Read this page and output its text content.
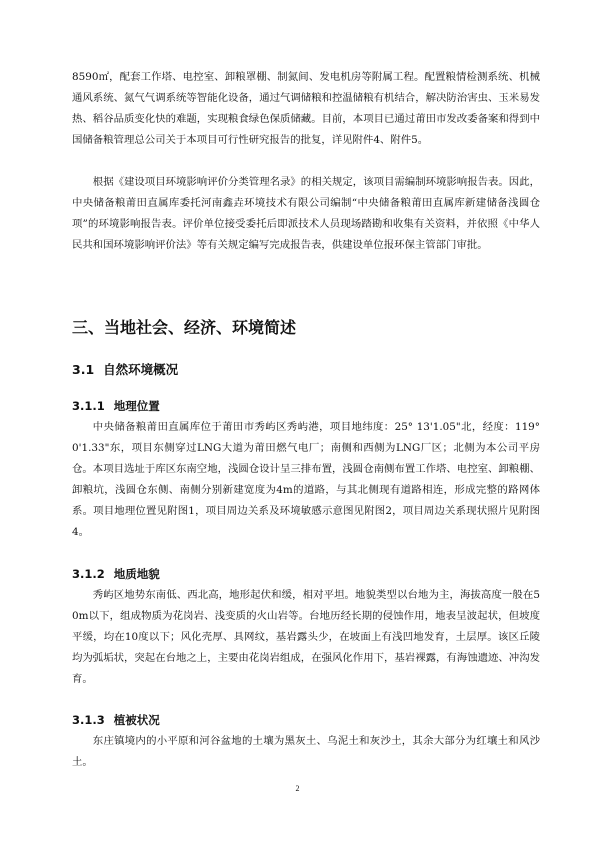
8590㎡，配套工作塔、电控室、卸粮罩棚、制氮间、发电机房等附属工程。配置粮情检测系统、机械通风系统、氮气气调系统等智能化设备，通过气调储粮和控温储粮有机结合，解决防治害虫、玉米易发热、稻谷品质变化快的难题，实现粮食绿色保质储藏。目前，本项目已通过莆田市发改委备案和得到中国储备粮管理总公司关于本项目可行性研究报告的批复，详见附件4、附件5。

根据《建设项目环境影响评价分类管理名录》的相关规定，该项目需编制环境影响报告表。因此，中央储备粮莆田直属库委托河南鑫垚环境技术有限公司编制“中央储备粮莆田直属库新建储备浅圆仓项”的环境影响报告表。评价单位接受委托后即派技术人员现场踏勘和收集有关资料，并依照《中华人民共和国环境影响评价法》等有关规定编写完成报告表，供建设单位报环保主管部门审批。

三、当地社会、经济、环境简述
3.1 自然环境概况
3.1.1 地理位置

中央储备粮莆田直属库位于莆田市秀屿区秀屿港，项目地纬度：25° 13'1.05"北，经度：119° 0'1.33"东，项目东侧穿过LNG大道为莆田燃气电厂；南侧和西侧为LNG厂区；北侧为本公司平房仓。本项目选址于库区东南空地，浅圆仓设计呈三排布置，浅圆仓南侧布置工作塔、电控室、卸粮棚、卸粮坑，浅圆仓东侧、南侧分别新建宽度为4m的道路，与其北侧现有道路相连，形成完整的路网体系。项目地理位置见附图1，项目周边关系及环境敏感示意图见附图2，项目周边关系现状照片见附图4。

3.1.2 地质地貌

秀屿区地势东南低、西北高，地形起伏和缓，相对平坦。地貌类型以台地为主，海拔高度一般在50m以下，组成物质为花岗岩、浅变质的火山岩等。台地历经长期的侵蚀作用，地表呈波起状，但坡度平缓，均在10度以下；风化壳厚、具网纹，基岩露头少，在坡面上有浅凹地发育，土层厚。该区丘陵均为弧垢状，突起在台地之上，主要由花岗岩组成，在强风化作用下，基岩裸露，有海蚀遗迹、冲沟发育。

3.1.3 植被状况

东庄镇境内的小平原和河谷盆地的土壤为黑灰土、乌泥土和灰沙土，其余大部分为红壤土和风沙土。

2
